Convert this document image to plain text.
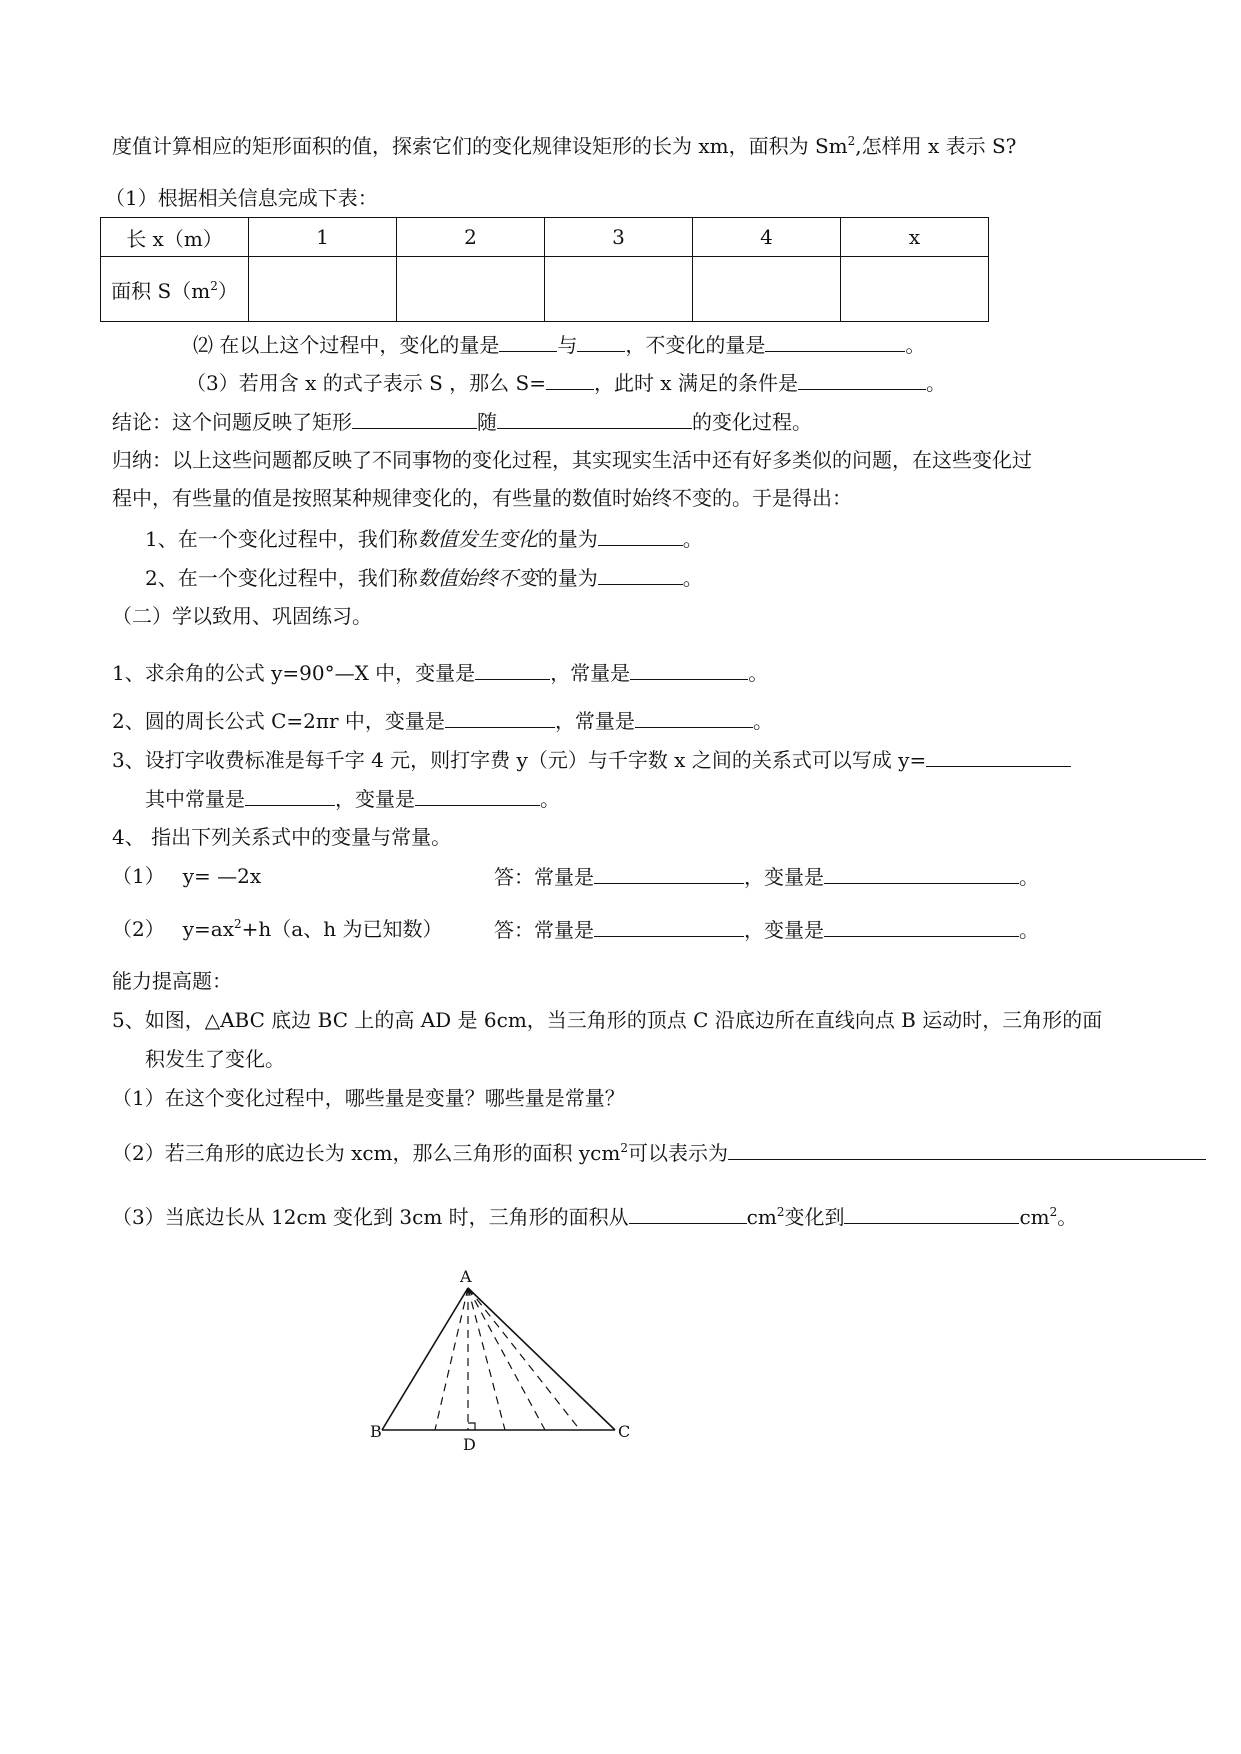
度值计算相应的矩形面积的值，探索它们的变化规律设矩形的长为 xm，面积为 Sm$^2$,怎样用 x 表示 S?
（1）根据相关信息完成下表：
长 x（m）	1	2	3	4	x
面积 $S(m^2)$					
⑵ 在以上这个过程中，变化的量是	与 ，不变化的量是	。
（3）若用含 x 的式子表示 S ，那么 S= ，此时 x 满足的条件是	。
结论：这个问题反映了矩形	随	的变化过程。
归纳：以上这些问题都反映了不同事物的变化过程，其实现实生活中还有好多类似的问题，在这些变化过
程中，有些量的值是按照某种规律变化的，有些量的数值时始终不变的。于是得出：
1、在一个变化过程中，我们称数值发生变化的量为	。
2、在一个变化过程中，我们称数值始终不变的量为	。
（二）学以致用、巩固练习。
1、求余角的公式 y=90°—X 中，变量是	，常量是	。
2、圆的周长公式 C=2πr 中，变量是	，常量是	。
3、设打字收费标准是每千字 4 元，则打字费 y（元）与千字数 x 之间的关系式可以写成 y=
其中常量是	，变量是	。
4、 指出下列关系式中的变量与常量。
（1） y= —2x	答：常量是	，变量是	。
（2） $y=ax^2+h(a$、h 为已知数）	答：常量是	，变量是	。
能力提高题：
5、如图，△ABC 底边 BC 上的高 AD 是 6cm，当三角形的顶点 C 沿底边所在直线向点 B 运动时，三角形的面
积发生了变化。
（1）在这个变化过程中，哪些量是变量？哪些量是常量？
（2）若三角形的底边长为 xcm，那么三角形的面积 ycm$^2$可以表示为
（3）当底边长从 12cm 变化到 3cm 时，三角形的面积从	$cm^2$变化到	$cm^2$。
A
B	C
D
